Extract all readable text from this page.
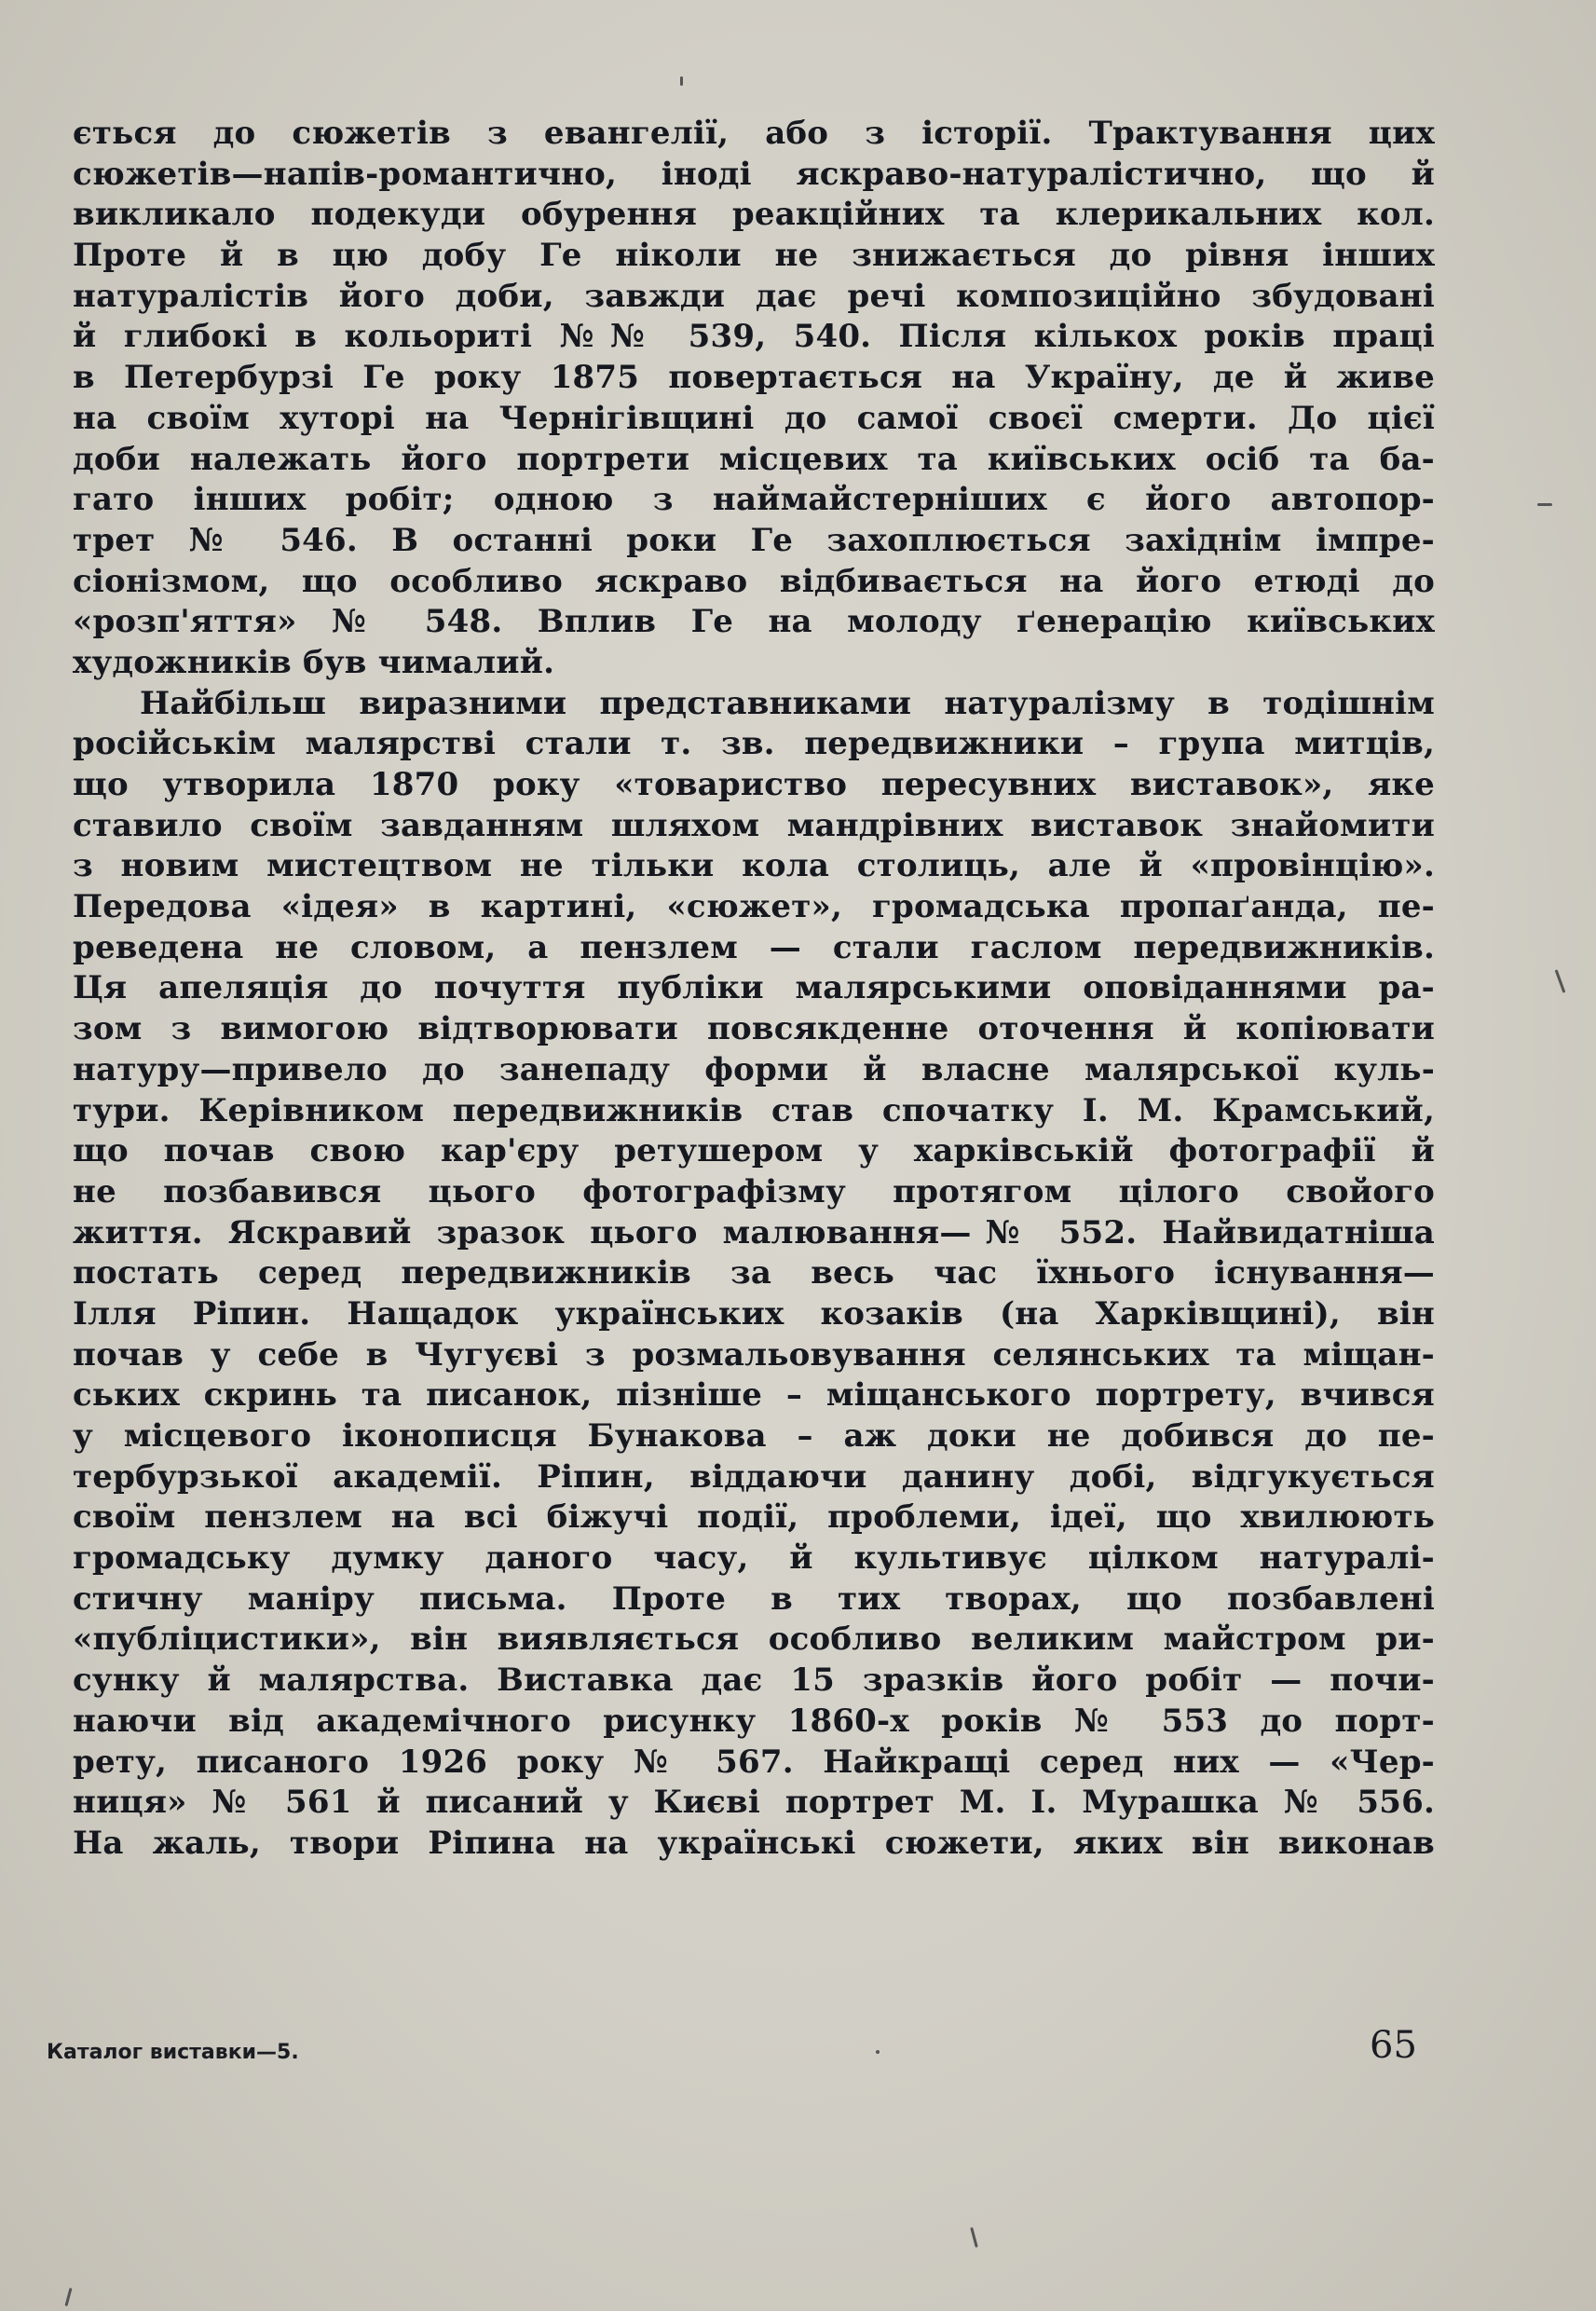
ється до сюжетів з евангелії, або з історії. Трактування цих
сюжетів—напів-романтично, іноді яскраво-натуралістично, що й
викликало подекуди обурення реакційних та клерикальних кол.
Проте й в цю добу Ге ніколи не знижається до рівня інших
натуралістів його доби, завжди дає речі композиційно збудовані
й глибокі в кольориті №№ 539, 540. Після кількох років праці
в Петербурзі Ге року 1875 повертається на Україну, де й живе
на своїм хуторі на Чернігівщині до самої своєї смерти. До цієї
доби належать його портрети місцевих та київських осіб та ба-
гато інших робіт; одною з наймайстерніших є його автопор-
трет № 546. В останні роки Ге захоплюється західнім імпре-
сіонізмом, що особливо яскраво відбивається на його етюді до
«розп'яття» № 548. Вплив Ге на молоду ґенерацію київських
художників був чималий.
Найбільш виразними представниками натуралізму в тодішнім
російськім малярстві стали т. зв. передвижники – група митців,
що утворила 1870 року «товариство пересувних виставок», яке
ставило своїм завданням шляхом мандрівних виставок знайомити
з новим мистецтвом не тільки кола столиць, але й «провінцію».
Передова «ідея» в картині, «сюжет», громадська пропаґанда, пе-
реведена не словом, а пензлем — стали гаслом передвижників.
Ця апеляція до почуття публіки малярськими оповіданнями ра-
зом з вимогою відтворювати повсякденне оточення й копіювати
натуру—привело до занепаду форми й власне малярської куль-
тури. Керівником передвижників став спочатку І. М. Крамський,
що почав свою кар'єру ретушером у харківській фотографії й
не позбавився цього фотографізму протягом цілого свойого
життя. Яскравий зразок цього малювання—№ 552. Найвидатніша
постать серед передвижників за весь час їхнього існування—
Ілля Рiпин. Нащадок українських козаків (на Харківщині), він
почав у себе в Чугуєві з розмальовування селянських та міщан-
ських скринь та писанок, пізніше – міщанського портрету, вчився
у місцевого іконописця Бунакова – аж доки не добився до пе-
тербурзької академії. Рiпин, віддаючи данину добі, відгукується
своїм пензлем на всі біжучі події, проблеми, ідеї, що хвилюють
громадську думку даного часу, й культивує цілком натуралі-
стичну маніру письма. Проте в тих творах, що позбавлені
«публіцистики», він виявляється особливо великим майстром ри-
сунку й малярства. Виставка дає 15 зразків його робіт — почи-
наючи від академічного рисунку 1860-х років № 553 до порт-
рету, писаного 1926 року № 567. Найкращі серед них — «Чер-
ниця» № 561 й писаний у Києві портрет М. І. Мурашка № 556.
На жаль, твори Рiпина на українські сюжети, яких він виконав
Каталог виставки—5.	65
